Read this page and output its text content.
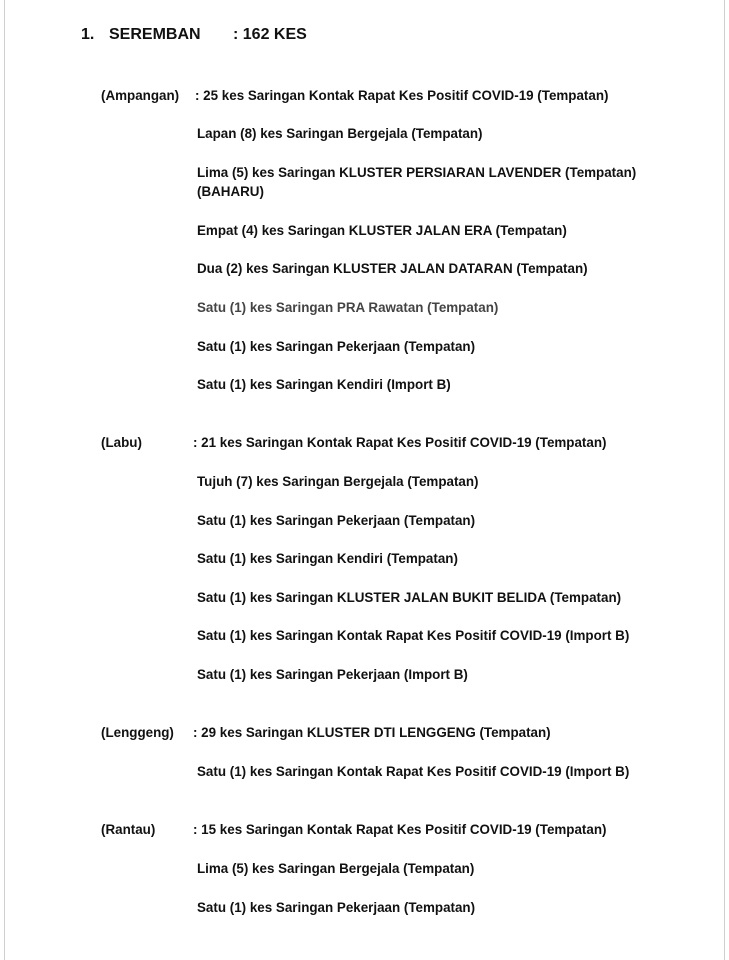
1. SEREMBAN : 162 KES
(Ampangan) : 25 kes Saringan Kontak Rapat Kes Positif COVID-19 (Tempatan)
Lapan (8) kes Saringan Bergejala (Tempatan)
Lima (5) kes Saringan KLUSTER PERSIARAN LAVENDER (Tempatan)
(BAHARU)
Empat (4) kes Saringan KLUSTER JALAN ERA (Tempatan)
Dua (2) kes Saringan KLUSTER JALAN DATARAN (Tempatan)
Satu (1) kes Saringan PRA Rawatan (Tempatan)
Satu (1) kes Saringan Pekerjaan (Tempatan)
Satu (1) kes Saringan Kendiri (Import B)
(Labu)	: 21 kes Saringan Kontak Rapat Kes Positif COVID-19 (Tempatan)
Tujuh (7) kes Saringan Bergejala (Tempatan)
Satu (1) kes Saringan Pekerjaan (Tempatan)
Satu (1) kes Saringan Kendiri (Tempatan)
Satu (1) kes Saringan KLUSTER JALAN BUKIT BELIDA (Tempatan)
Satu (1) kes Saringan Kontak Rapat Kes Positif COVID-19 (Import B)
Satu (1) kes Saringan Pekerjaan (Import B)
(Lenggeng) : 29 kes Saringan KLUSTER DTI LENGGENG (Tempatan)
Satu (1) kes Saringan Kontak Rapat Kes Positif COVID-19 (Import B)
(Rantau)	: 15 kes Saringan Kontak Rapat Kes Positif COVID-19 (Tempatan)
Lima (5) kes Saringan Bergejala (Tempatan)
Satu (1) kes Saringan Pekerjaan (Tempatan)
